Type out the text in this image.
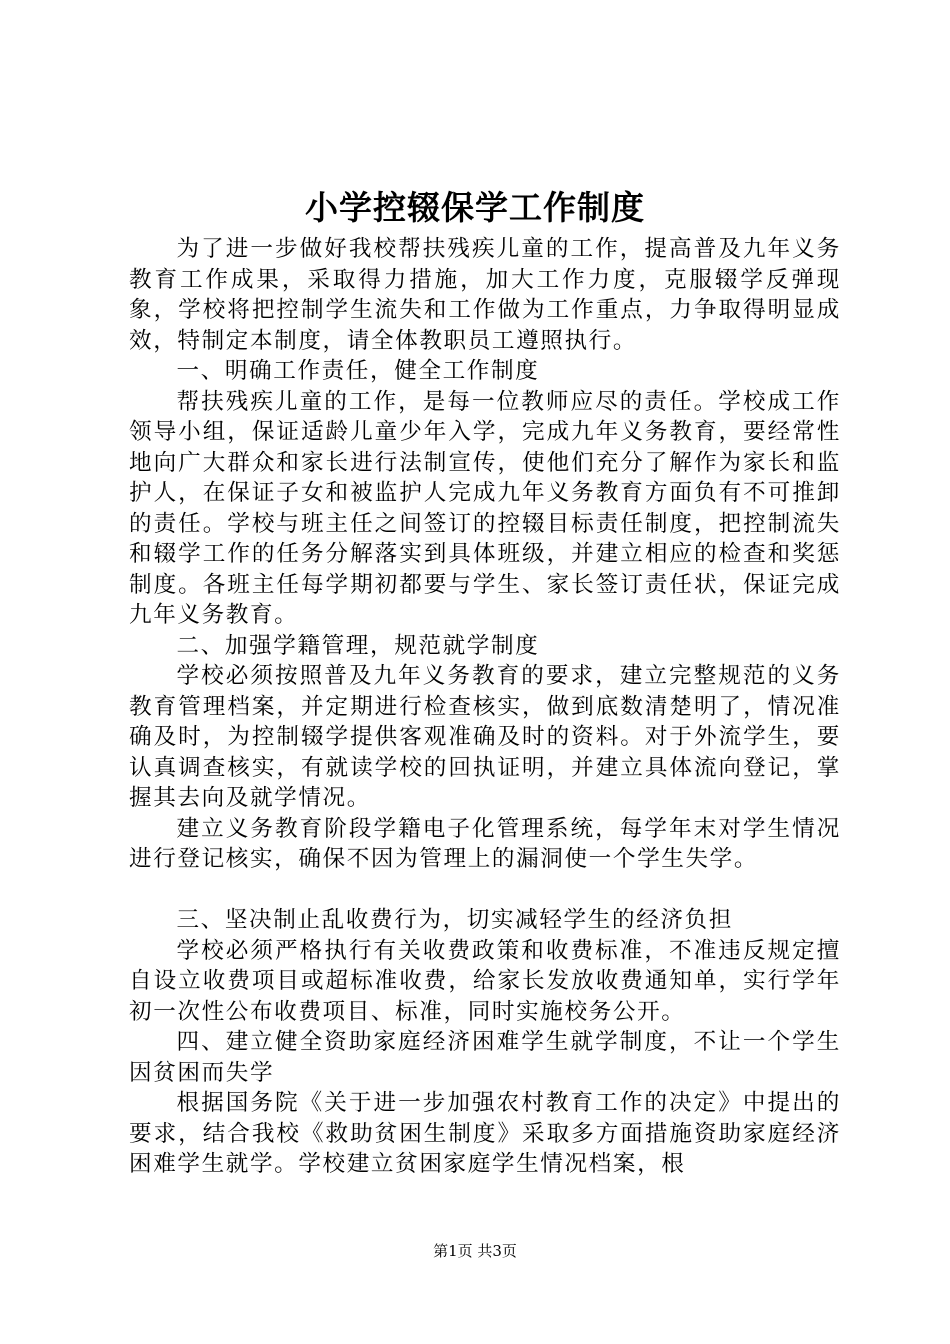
小学控辍保学工作制度

为了进一步做好我校帮扶残疾儿童的工作，提高普及九年义务教育工作成果，采取得力措施，加大工作力度，克服辍学反弹现象，学校将把控制学生流失和工作做为工作重点，力争取得明显成效，特制定本制度，请全体教职员工遵照执行。

一、明确工作责任，健全工作制度

帮扶残疾儿童的工作，是每一位教师应尽的责任。学校成工作领导小组，保证适龄儿童少年入学，完成九年义务教育，要经常性地向广大群众和家长进行法制宣传，使他们充分了解作为家长和监护人，在保证子女和被监护人完成九年义务教育方面负有不可推卸的责任。学校与班主任之间签订的控辍目标责任制度，把控制流失和辍学工作的任务分解落实到具体班级，并建立相应的检查和奖惩制度。各班主任每学期初都要与学生、家长签订责任状，保证完成九年义务教育。

二、加强学籍管理，规范就学制度

学校必须按照普及九年义务教育的要求，建立完整规范的义务教育管理档案，并定期进行检查核实，做到底数清楚明了，情况准确及时，为控制辍学提供客观准确及时的资料。对于外流学生，要认真调查核实，有就读学校的回执证明，并建立具体流向登记，掌握其去向及就学情况。

建立义务教育阶段学籍电子化管理系统，每学年末对学生情况进行登记核实，确保不因为管理上的漏洞使一个学生失学。

三、坚决制止乱收费行为，切实减轻学生的经济负担

学校必须严格执行有关收费政策和收费标准，不准违反规定擅自设立收费项目或超标准收费，给家长发放收费通知单，实行学年初一次性公布收费项目、标准，同时实施校务公开。

四、建立健全资助家庭经济困难学生就学制度，不让一个学生因贫困而失学

根据国务院《关于进一步加强农村教育工作的决定》中提出的要求，结合我校《救助贫困生制度》采取多方面措施资助家庭经济困难学生就学。学校建立贫困家庭学生情况档案，根

第1页 共3页
